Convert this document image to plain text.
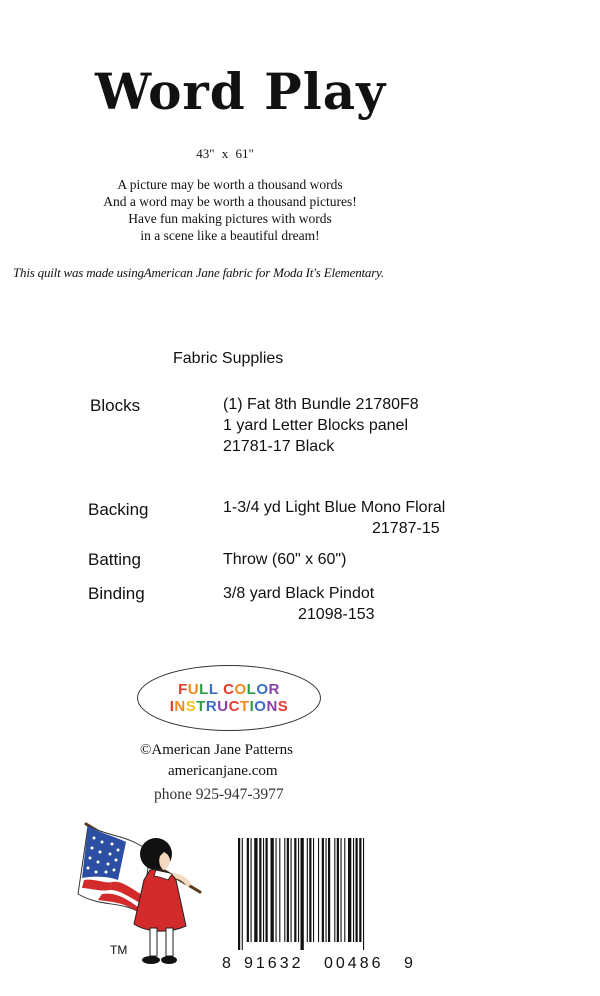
Word Play
43" x 61"
A picture may be worth a thousand words
And a word may be worth a thousand pictures!
Have fun making pictures with words
in a scene like a beautiful dream!
This quilt was made usingAmerican Jane fabric for Moda It's Elementary.
Fabric Supplies
Blocks	(1) Fat 8th Bundle 21780F8
1 yard Letter Blocks panel
21781-17 Black
Backing	1-3/4 yd Light Blue Mono Floral
21787-15
Batting	Throw (60" x 60")
Binding	3/8 yard Black Pindot
21098-153
FULL COLOR
INSTRUCTIONS
©American Jane Patterns
americanjane.com
phone 925-947-3977
TM
8 91632 00486 9
